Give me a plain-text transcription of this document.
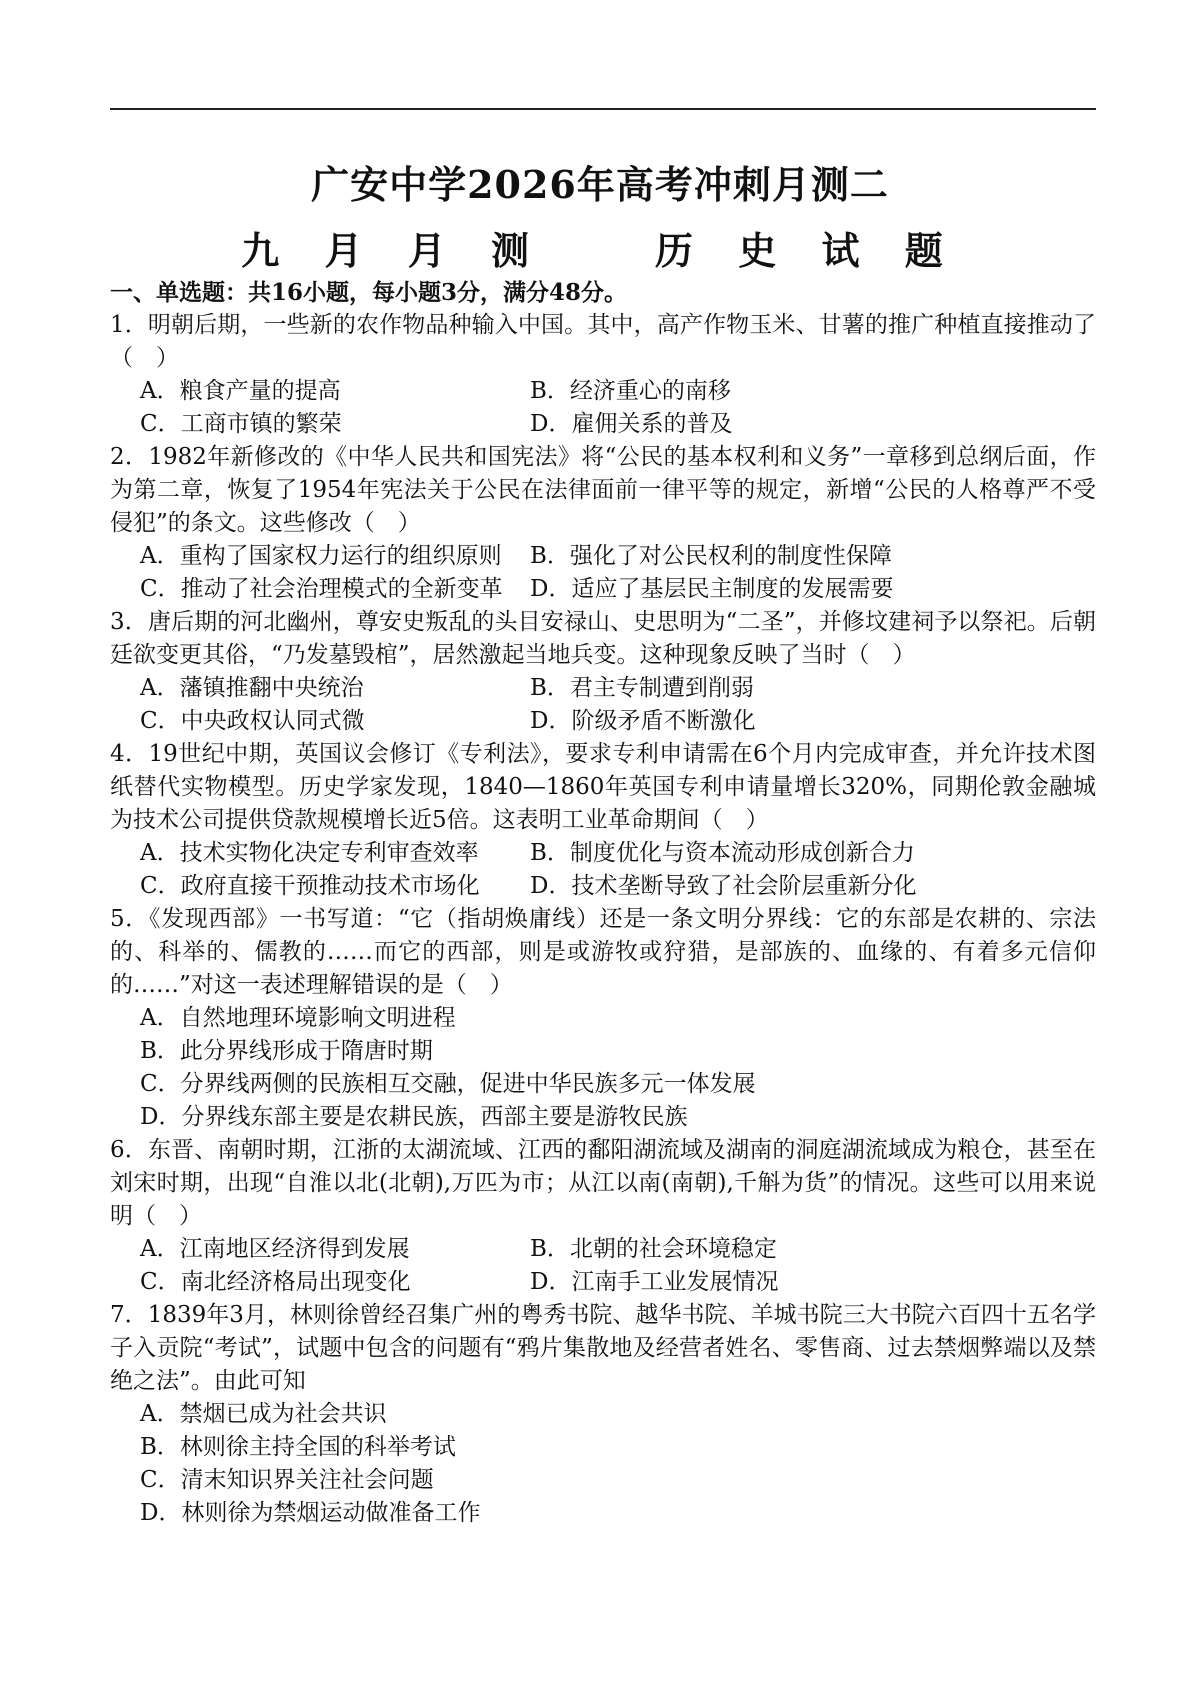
广安中学2026年高考冲刺月测二
九 月 月 测	历 史 试 题
一、单选题：共16小题，每小题3分，满分48分。

1．明朝后期，一些新的农作物品种输入中国。其中，高产作物玉米、甘薯的推广种植直接推动了（　）

A．粮食产量的提高	B．经济重心的南移
C．工商市镇的繁荣	D．雇佣关系的普及

2．1982年新修改的《中华人民共和国宪法》将“公民的基本权利和义务”一章移到总纲后面，作为第二章，恢复了1954年宪法关于公民在法律面前一律平等的规定，新增“公民的人格尊严不受侵犯”的条文。这些修改（　）

A．重构了国家权力运行的组织原则	B．强化了对公民权利的制度性保障
C．推动了社会治理模式的全新变革	D．适应了基层民主制度的发展需要

3．唐后期的河北幽州，尊安史叛乱的头目安禄山、史思明为“二圣”，并修坟建祠予以祭祀。后朝廷欲变更其俗，“乃发墓毁棺”，居然激起当地兵变。这种现象反映了当时（　）

A．藩镇推翻中央统治	B．君主专制遭到削弱
C．中央政权认同式微	D．阶级矛盾不断激化

4．19世纪中期，英国议会修订《专利法》，要求专利申请需在6个月内完成审查，并允许技术图纸替代实物模型。历史学家发现，1840—1860年英国专利申请量增长320%，同期伦敦金融城为技术公司提供贷款规模增长近5倍。这表明工业革命期间（　）

A．技术实物化决定专利审查效率	B．制度优化与资本流动形成创新合力
C．政府直接干预推动技术市场化	D．技术垄断导致了社会阶层重新分化

5．《发现西部》一书写道：“它（指胡焕庸线）还是一条文明分界线：它的东部是农耕的、宗法的、科举的、儒教的……而它的西部，则是或游牧或狩猎，是部族的、血缘的、有着多元信仰的……”对这一表述理解错误的是（　）

A．自然地理环境影响文明进程
B．此分界线形成于隋唐时期
C．分界线两侧的民族相互交融，促进中华民族多元一体发展
D．分界线东部主要是农耕民族，西部主要是游牧民族

6．东晋、南朝时期，江浙的太湖流域、江西的鄱阳湖流域及湖南的洞庭湖流域成为粮仓，甚至在刘宋时期，出现“自淮以北(北朝),万匹为市；从江以南(南朝),千斛为货”的情况。这些可以用来说明（　）

A．江南地区经济得到发展	B．北朝的社会环境稳定
C．南北经济格局出现变化	D．江南手工业发展情况

7．1839年3月，林则徐曾经召集广州的粤秀书院、越华书院、羊城书院三大书院六百四十五名学子入贡院“考试”，试题中包含的问题有“鸦片集散地及经营者姓名、零售商、过去禁烟弊端以及禁绝之法”。由此可知

A．禁烟已成为社会共识
B．林则徐主持全国的科举考试
C．清末知识界关注社会问题
D．林则徐为禁烟运动做准备工作
